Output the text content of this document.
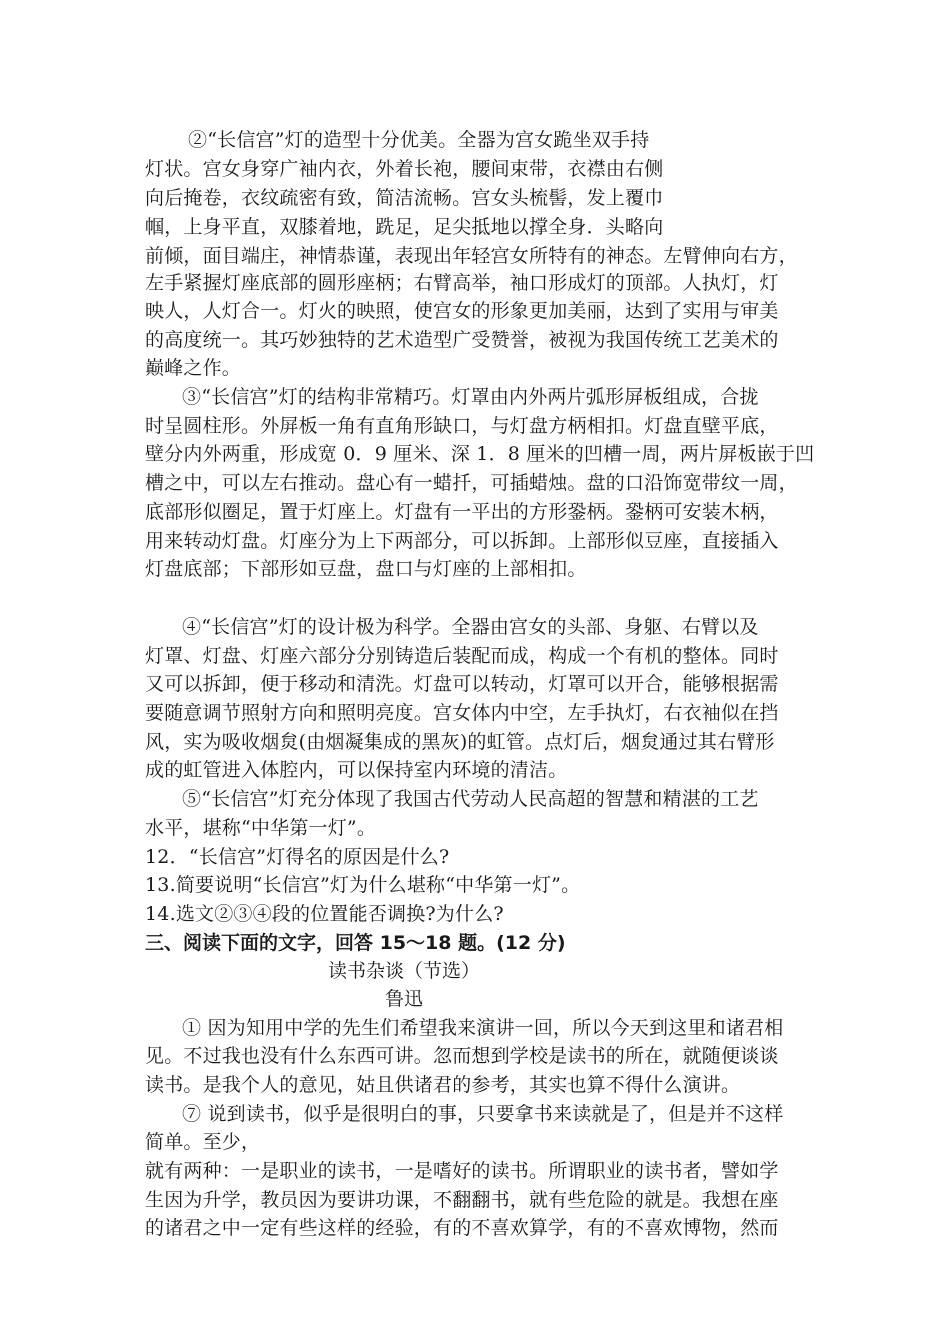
②“长信宫”灯的造型十分优美。全器为宫女跪坐双手持
灯状。宫女身穿广袖内衣，外着长袍，腰间束带，衣襟由右侧
向后掩卷，衣纹疏密有致，简洁流畅。宫女头梳髻，发上覆巾
帼，上身平直，双膝着地，跣足，足尖抵地以撑全身．头略向
前倾，面目端庄，神情恭谨，表现出年轻宫女所特有的神态。左臂伸向右方，
左手紧握灯座底部的圆形座柄；右臂高举，袖口形成灯的顶部。人执灯，灯
映人，人灯合一。灯火的映照，使宫女的形象更加美丽，达到了实用与审美
的高度统一。其巧妙独特的艺术造型广受赞誉，被视为我国传统工艺美术的
巅峰之作。
③“长信宫”灯的结构非常精巧。灯罩由内外两片弧形屏板组成，合拢
时呈圆柱形。外屏板一角有直角形缺口，与灯盘方柄相扣。灯盘直壁平底，
壁分内外两重，形成宽 0．9 厘米、深 1．8 厘米的凹槽一周，两片屏板嵌于凹
槽之中，可以左右推动。盘心有一蜡扦，可插蜡烛。盘的口沿饰宽带纹一周，
底部形似圈足，置于灯座上。灯盘有一平出的方形銎柄。銎柄可安装木柄，
用来转动灯盘。灯座分为上下两部分，可以拆卸。上部形似豆座，直接插入
灯盘底部；下部形如豆盘，盘口与灯座的上部相扣。
④“长信宫”灯的设计极为科学。全器由宫女的头部、身躯、右臂以及
灯罩、灯盘、灯座六部分分别铸造后装配而成，构成一个有机的整体。同时
又可以拆卸，便于移动和清洗。灯盘可以转动，灯罩可以开合，能够根据需
要随意调节照射方向和照明亮度。宫女体内中空，左手执灯，右衣袖似在挡
风，实为吸收烟炱(由烟凝集成的黑灰)的虹管。点灯后，烟炱通过其右臂形
成的虹管进入体腔内，可以保持室内环境的清洁。
⑤“长信宫”灯充分体现了我国古代劳动人民高超的智慧和精湛的工艺
水平，堪称“中华第一灯”。
12．“长信宫”灯得名的原因是什么?
13.简要说明“长信宫”灯为什么堪称“中华第一灯”。
14.选文②③④段的位置能否调换?为什么?
三、阅读下面的文字，回答 15～18 题。(12 分)
读书杂谈（节选）
鲁迅
① 因为知用中学的先生们希望我来演讲一回，所以今天到这里和诸君相
见。不过我也没有什么东西可讲。忽而想到学校是读书的所在，就随便谈谈
读书。是我个人的意见，姑且供诸君的参考，其实也算不得什么演讲。
⑦ 说到读书，似乎是很明白的事，只要拿书来读就是了，但是并不这样
简单。至少，
就有两种：一是职业的读书，一是嗜好的读书。所谓职业的读书者，譬如学
生因为升学，教员因为要讲功课，不翻翻书，就有些危险的就是。我想在座
的诸君之中一定有些这样的经验，有的不喜欢算学，有的不喜欢博物，然而
